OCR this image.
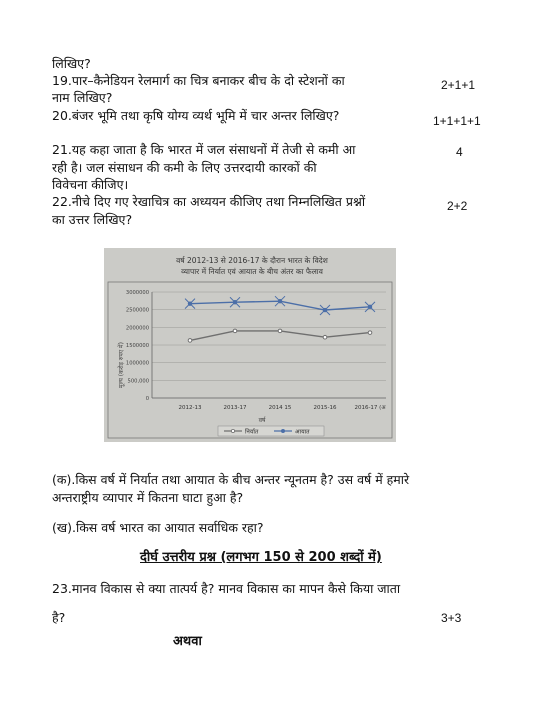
लिखिए?
19.पार–कैनेडियन रेलमार्ग का चित्र बनाकर बीच के दो स्टेशनों का	2+1+1
नाम लिखिए?
20.बंजर भूमि तथा कृषि योग्य व्यर्थ भूमि में चार अन्तर लिखिए?	1+1+1+1
21.यह कहा जाता है कि भारत में जल संसाधनों में तेजी से कमी आ	4
रही है। जल संसाधन की कमी के लिए उत्तरदायी कारकों की
विवेचना कीजिए।
22.नीचे दिए गए रेखाचित्र का अध्ययन कीजिए तथा निम्नलिखित प्रश्नों	2+2
का उत्तर लिखिए?
वर्ष 2012-13 से 2016-17 के दौरान भारत के विदेश
व्यापार में निर्यात एवं आयात के बीच अंतर का फैलाव
0
500,000
1000000
1500000
2000000
2500000
3000000
2012-13	2013-17	2014 15	2015-16	2016-17 (अ
मूल्य (करोड़ रुपए में)
वर्ष
निर्यात	आयात
(क).किस वर्ष में निर्यात तथा आयात के बीच अन्तर न्यूनतम है? उस वर्ष में हमारे
अन्तराष्ट्रीय व्यापार में कितना घाटा हुआ है?
(ख).किस वर्ष भारत का आयात सर्वाधिक रहा?
दीर्घ उत्तरीय प्रश्न (लगभग 150 से 200 शब्दों में)
23.मानव विकास से क्या तात्पर्य है? मानव विकास का मापन कैसे किया जाता
है?	3+3
अथवा
